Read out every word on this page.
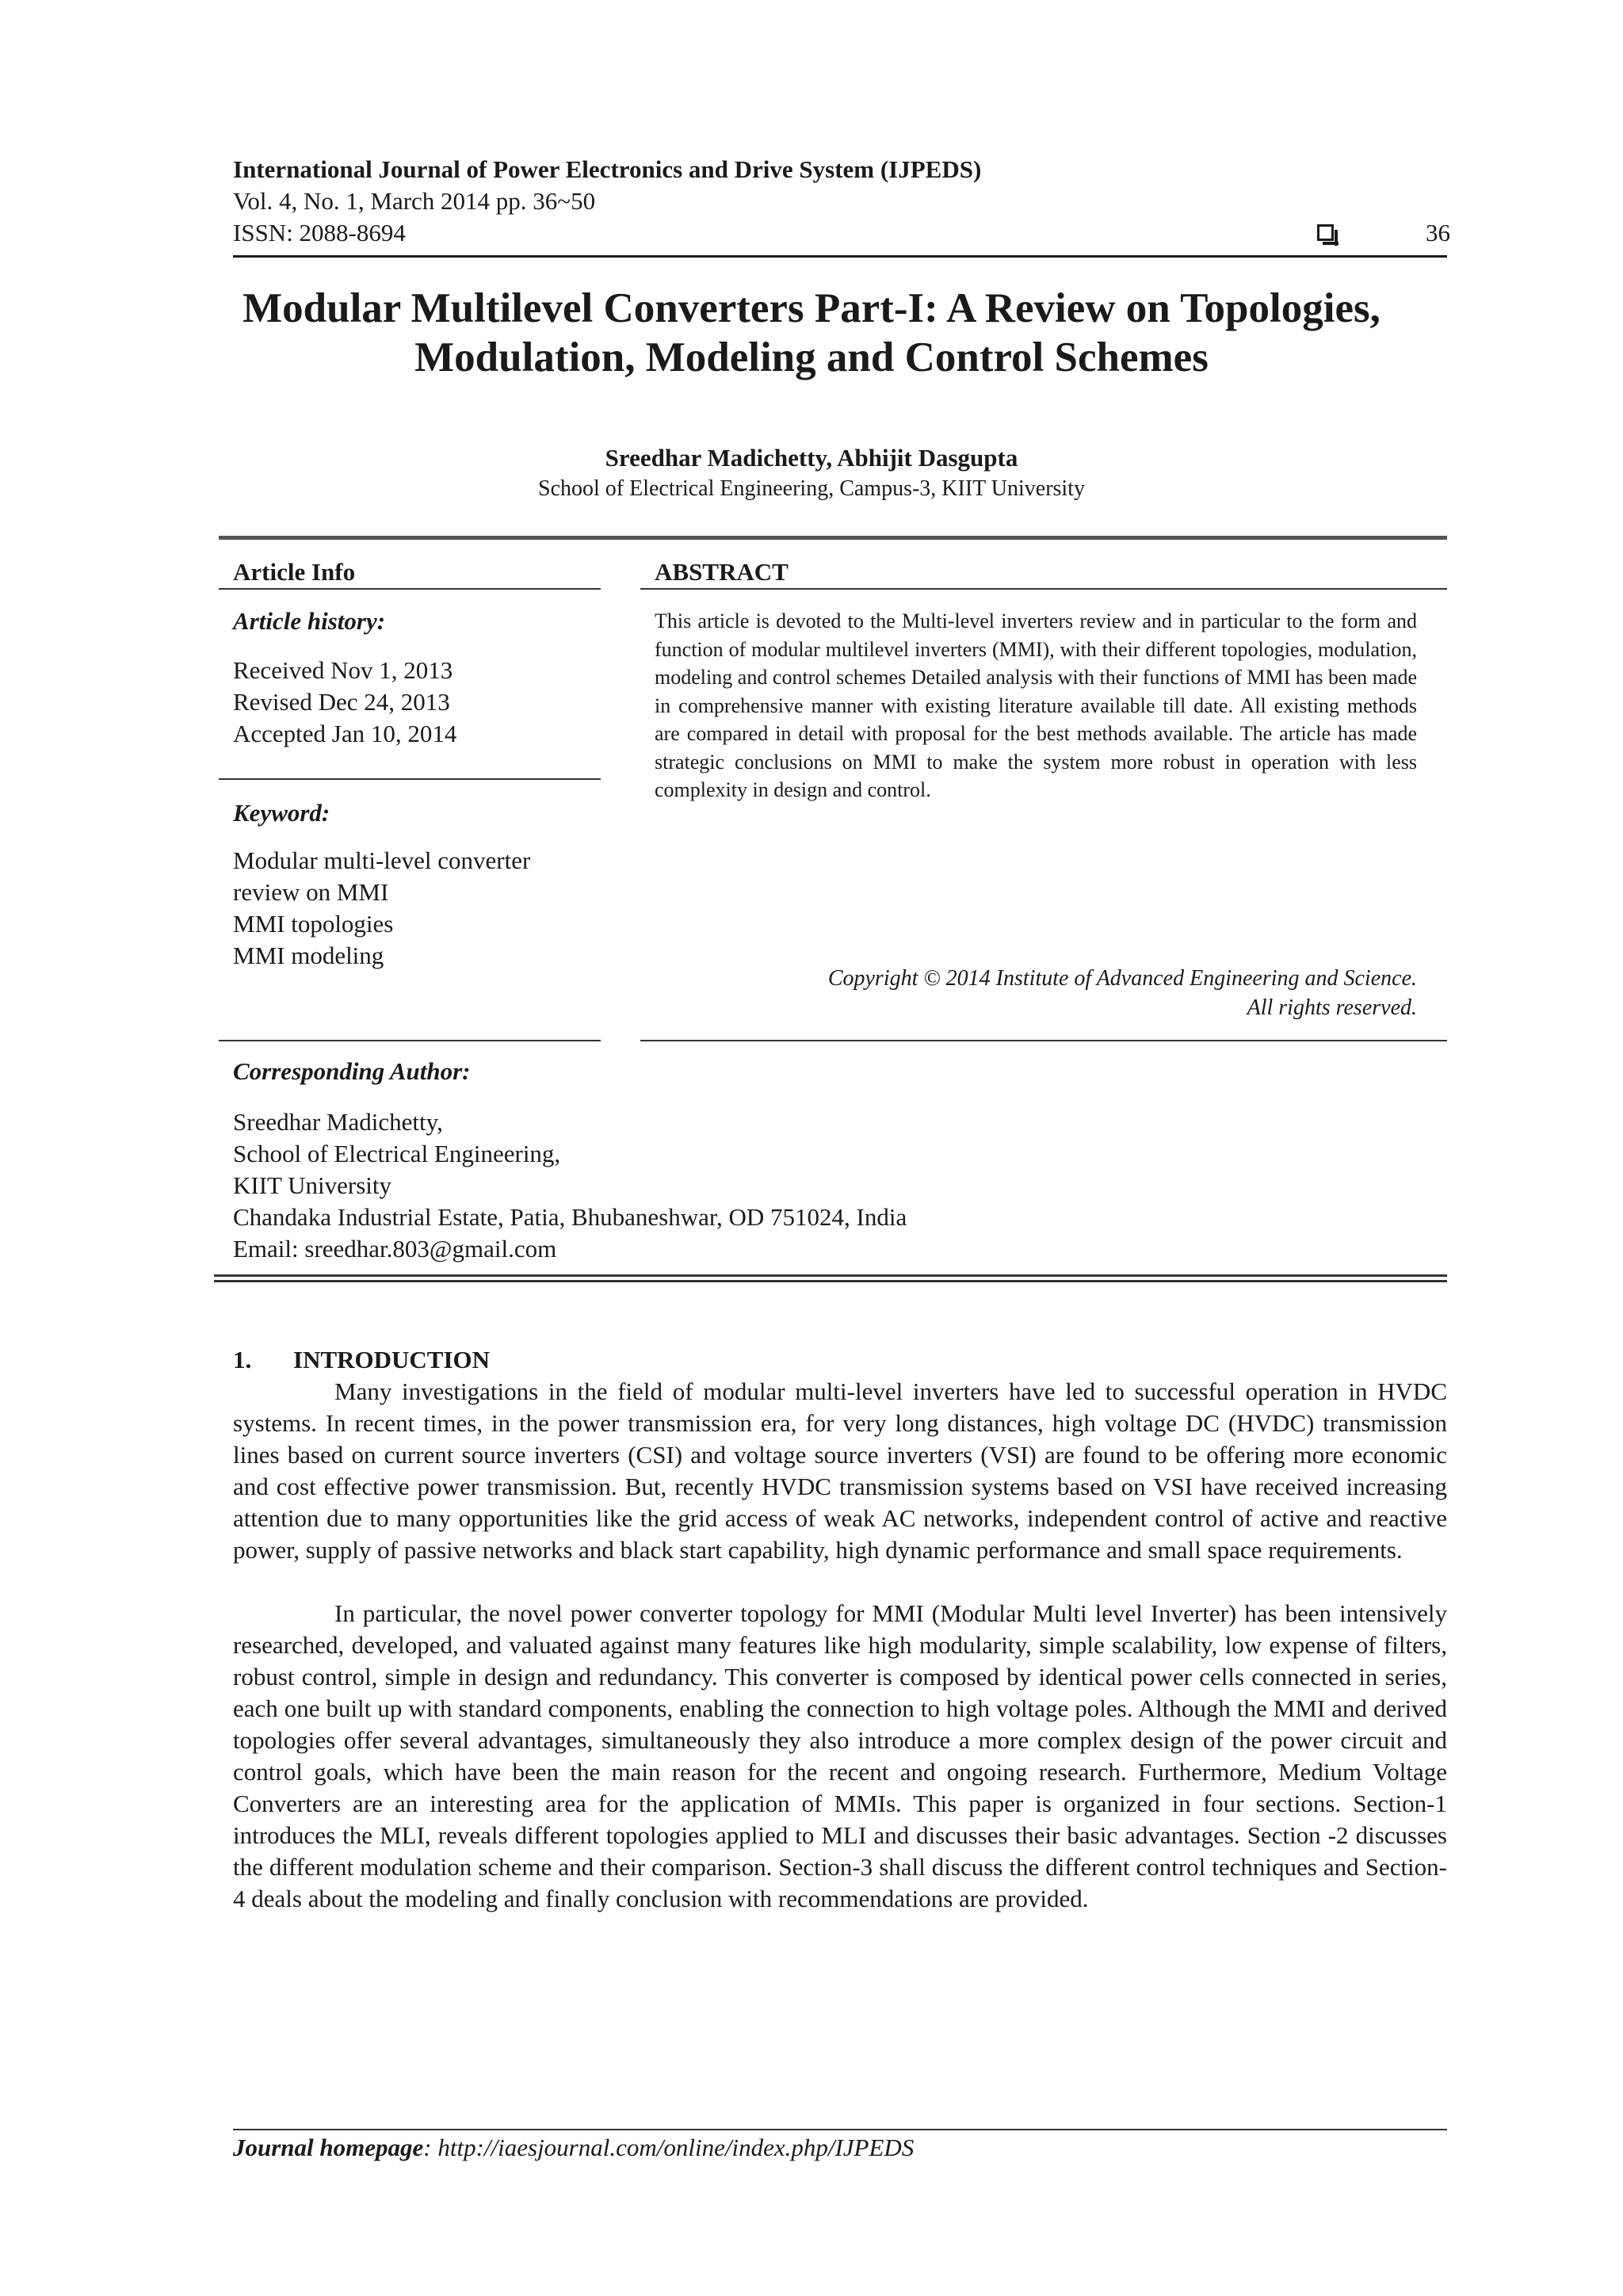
International Journal of Power Electronics and Drive System (IJPEDS)
Vol. 4, No. 1, March 2014 pp. 36~50
ISSN: 2088-8694	36
Modular Multilevel Converters Part-I: A Review on Topologies,
Modulation, Modeling and Control Schemes
Sreedhar Madichetty, Abhijit Dasgupta
School of Electrical Engineering, Campus-3, KIIT University
Article Info
Article history:
Received Nov 1, 2013
Revised Dec 24, 2013
Accepted Jan 10, 2014
Keyword:
Modular multi-level converter
review on MMI
MMI topologies
MMI modeling
ABSTRACT
This article is devoted to the Multi-level inverters review and in particular to the form and function of modular multilevel inverters (MMI), with their different topologies, modulation, modeling and control schemes Detailed analysis with their functions of MMI has been made in comprehensive manner with existing literature available till date. All existing methods are compared in detail with proposal for the best methods available. The article has made strategic conclusions on MMI to make the system more robust in operation with less complexity in design and control.
Copyright © 2014 Institute of Advanced Engineering and Science.
All rights reserved.
Corresponding Author:
Sreedhar Madichetty,
School of Electrical Engineering,
KIIT University
Chandaka Industrial Estate, Patia, Bhubaneshwar, OD 751024, India
Email: sreedhar.803@gmail.com
1. INTRODUCTION

Many investigations in the field of modular multi-level inverters have led to successful operation in HVDC systems. In recent times, in the power transmission era, for very long distances, high voltage DC (HVDC) transmission lines based on current source inverters (CSI) and voltage source inverters (VSI) are found to be offering more economic and cost effective power transmission. But, recently HVDC transmission systems based on VSI have received increasing attention due to many opportunities like the grid access of weak AC networks, independent control of active and reactive power, supply of passive networks and black start capability, high dynamic performance and small space requirements.

In particular, the novel power converter topology for MMI (Modular Multi level Inverter) has been intensively researched, developed, and valuated against many features like high modularity, simple scalability, low expense of filters, robust control, simple in design and redundancy. This converter is composed by identical power cells connected in series, each one built up with standard components, enabling the connection to high voltage poles. Although the MMI and derived topologies offer several advantages, simultaneously they also introduce a more complex design of the power circuit and control goals, which have been the main reason for the recent and ongoing research. Furthermore, Medium Voltage Converters are an interesting area for the application of MMIs. This paper is organized in four sections. Section-1 introduces the MLI, reveals different topologies applied to MLI and discusses their basic advantages. Section -2 discusses the different modulation scheme and their comparison. Section-3 shall discuss the different control techniques and Section-4 deals about the modeling and finally conclusion with recommendations are provided.

Journal homepage: http://iaesjournal.com/online/index.php/IJPEDS
